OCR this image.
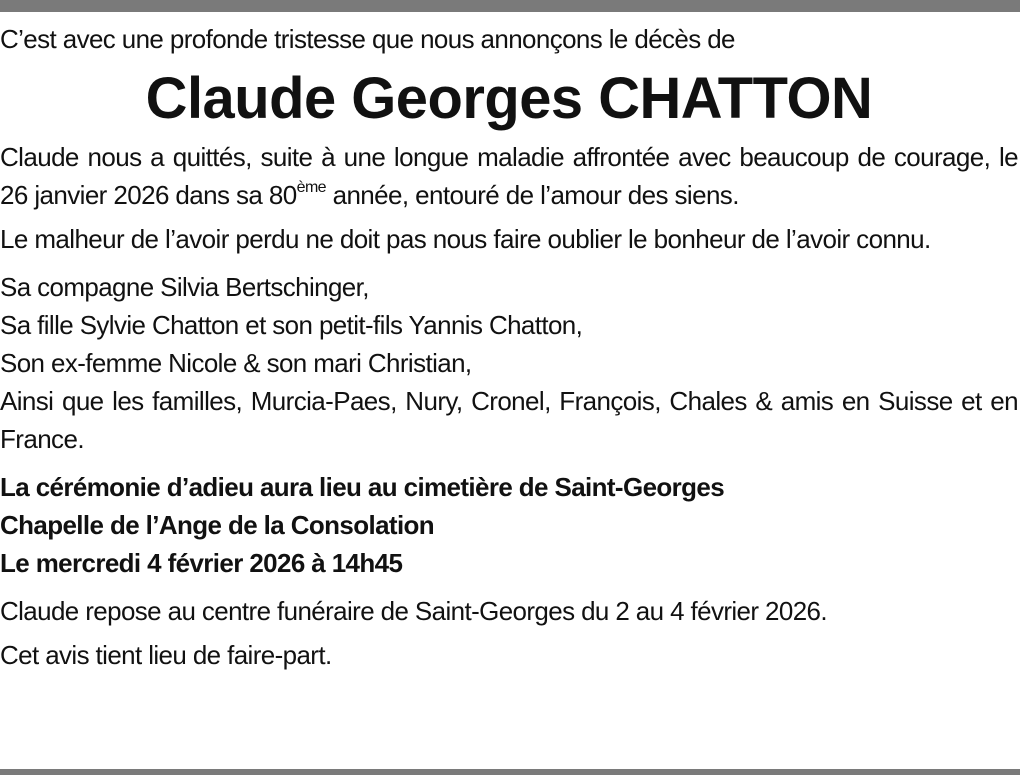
C’est avec une profonde tristesse que nous annonçons le décès de

Claude Georges CHATTON

Claude nous a quittés, suite à une longue maladie affrontée avec beaucoup de courage, le 26 janvier 2026 dans sa 80ème année, entouré de l’amour des siens.

Le malheur de l’avoir perdu ne doit pas nous faire oublier le bonheur de l’avoir connu.

Sa compagne Silvia Bertschinger,

Sa fille Sylvie Chatton et son petit-fils Yannis Chatton,

Son ex-femme Nicole & son mari Christian,

Ainsi que les familles, Murcia-Paes, Nury, Cronel, François, Chales & amis en Suisse et en France.

La cérémonie d’adieu aura lieu au cimetière de Saint-Georges

Chapelle de l’Ange de la Consolation

Le mercredi 4 février 2026 à 14h45

Claude repose au centre funéraire de Saint-Georges du 2 au 4 février 2026.

Cet avis tient lieu de faire-part.
